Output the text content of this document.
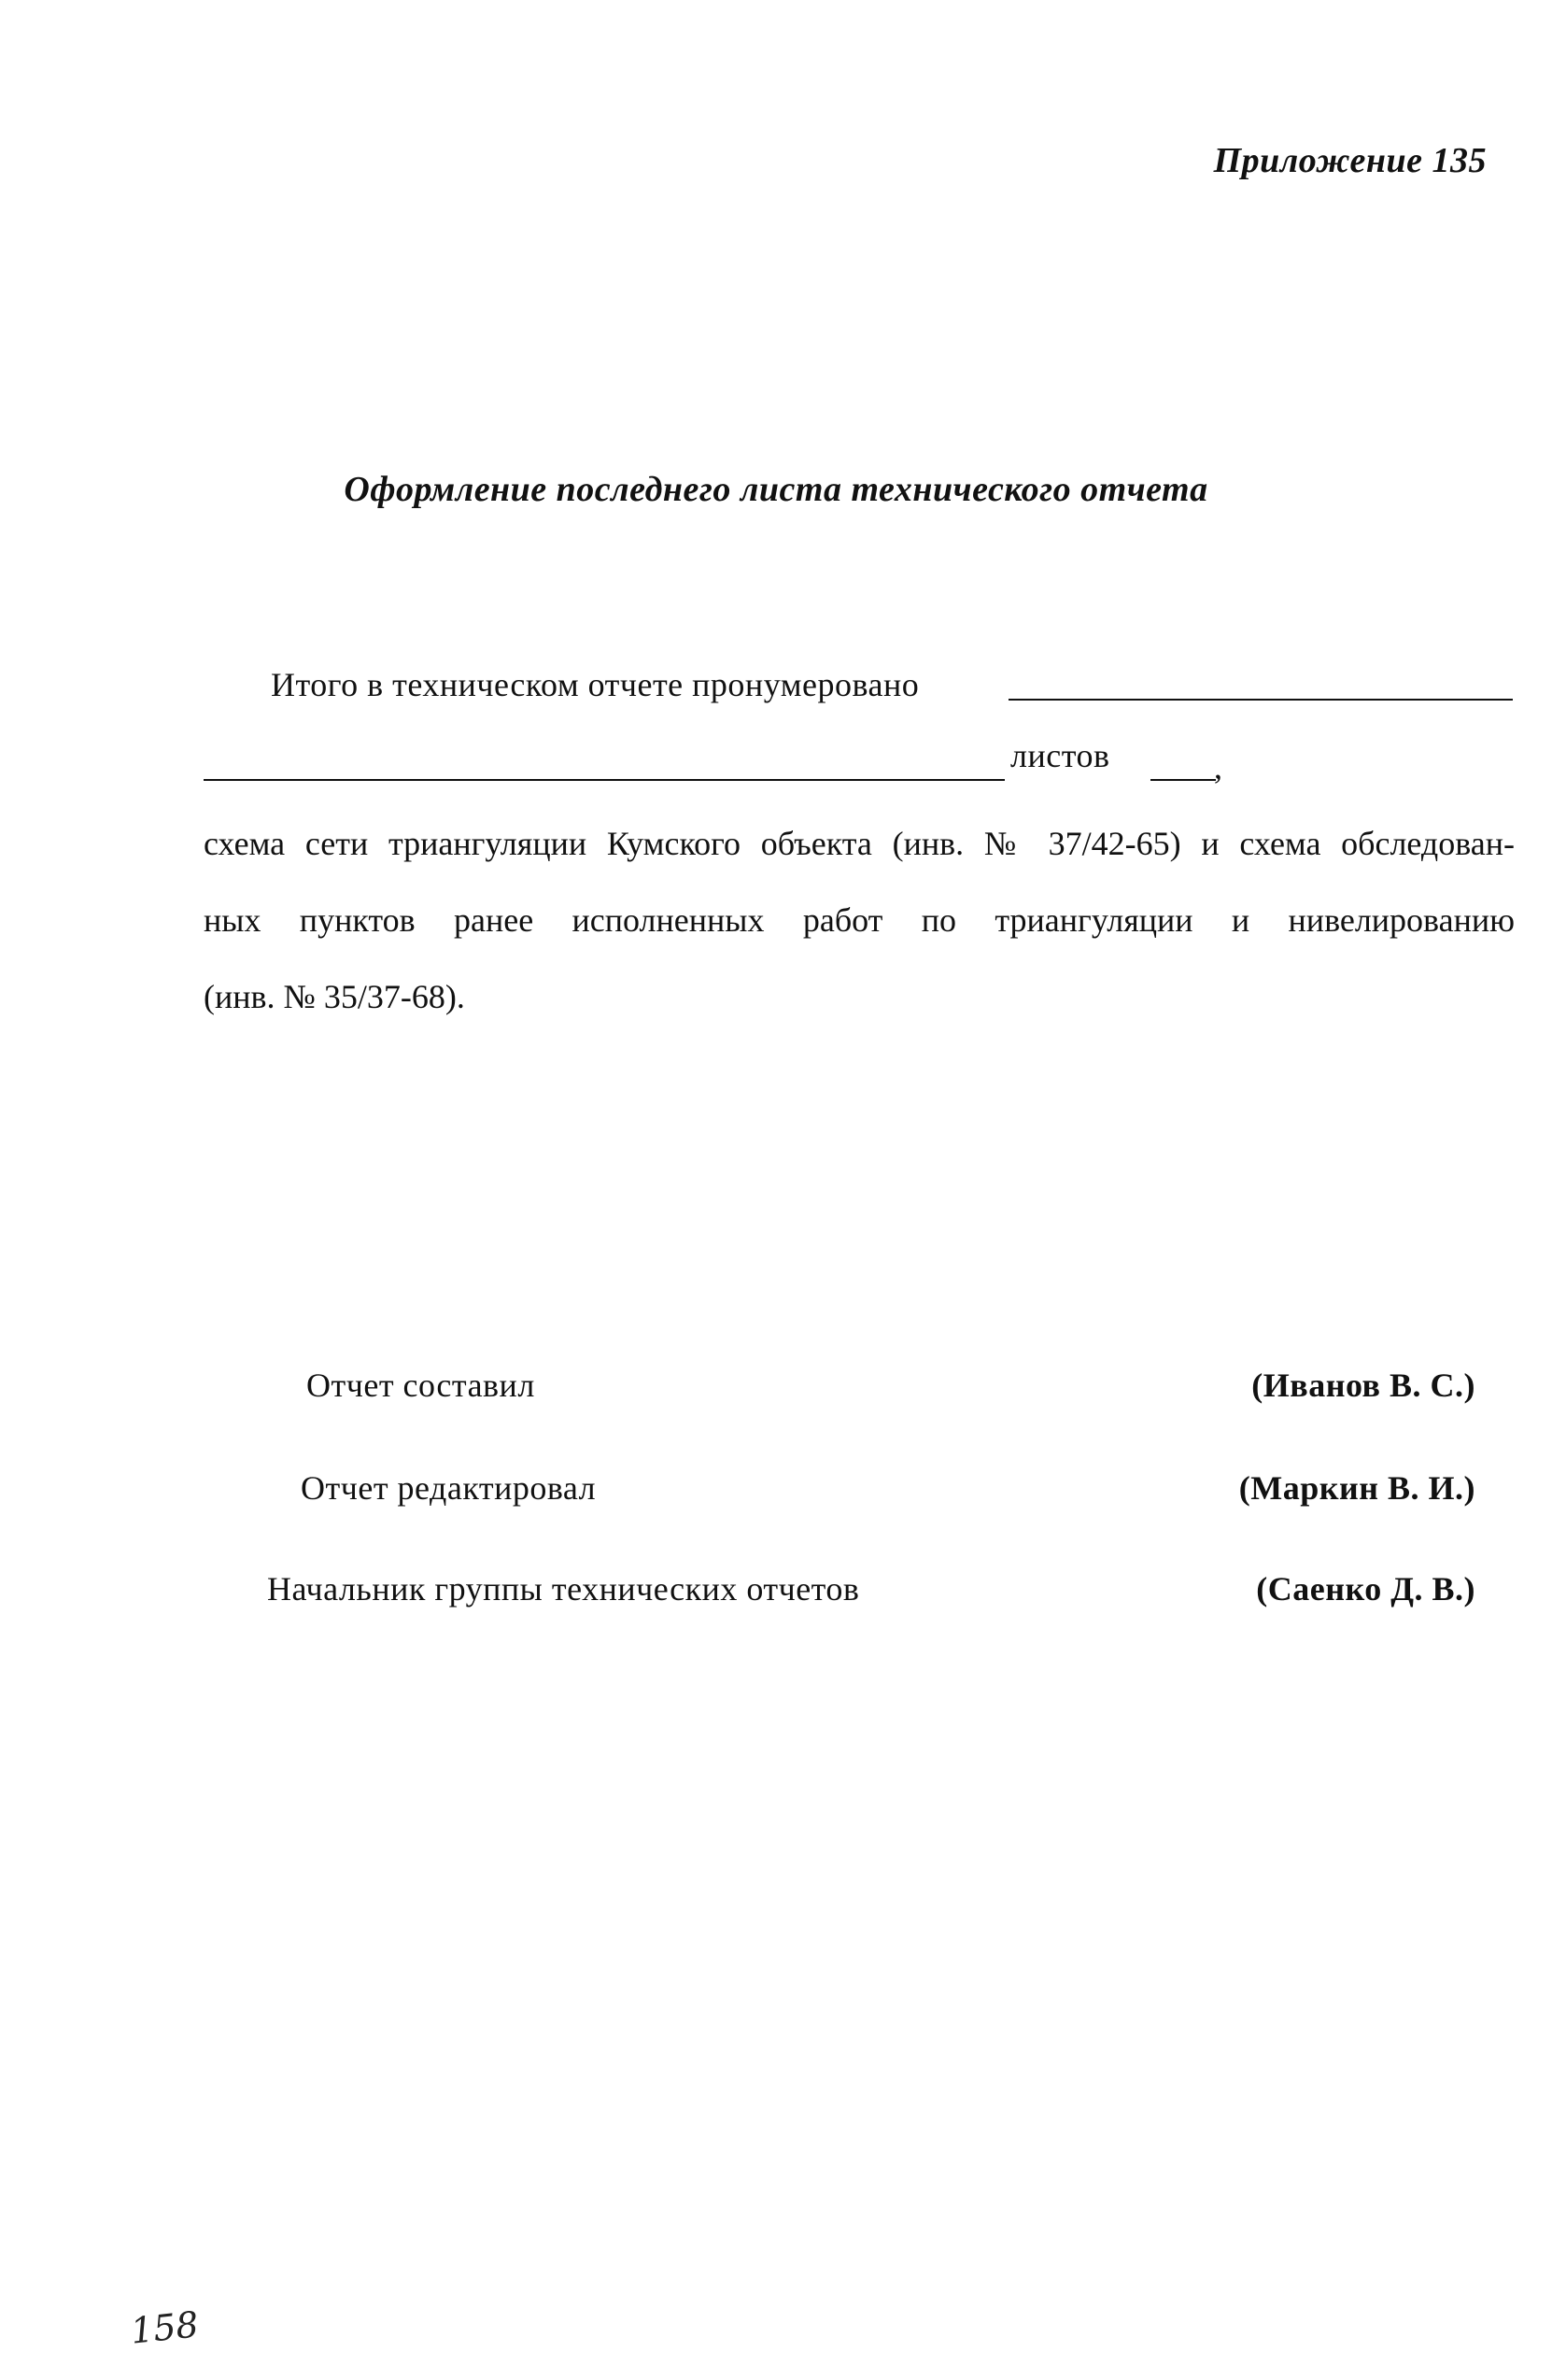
Приложение 135
Оформление последнего листа технического отчета
Итого в техническом отчете пронумеровано
листов	,
схема сети триангуляции Кумского объекта (инв. № 37/42-65) и схема обследован-
ных пунктов ранее исполненных работ по триангуляции и нивелированию
(инв. № 35/37-68).
Отчет составил	(Иванов В. С.)
Отчет редактировал	(Маркин В. И.)
Начальник группы технических отчетов	(Саенко Д. В.)
158
